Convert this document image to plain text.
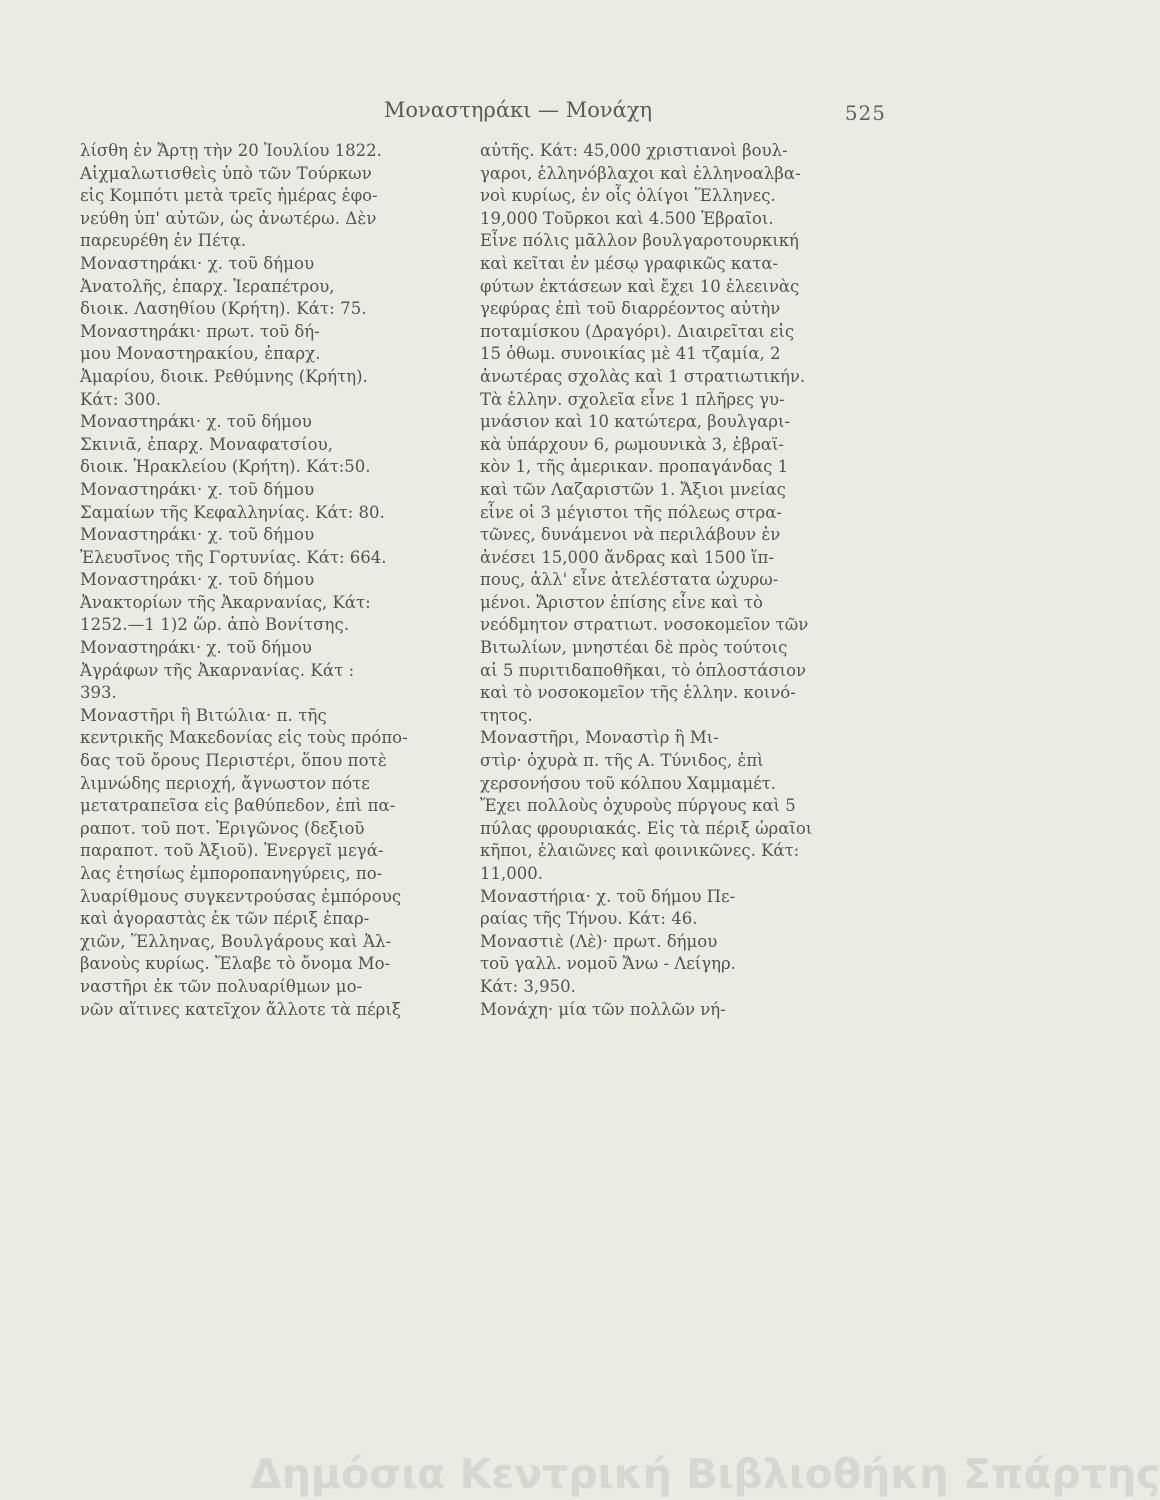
Μοναστηράκι — Μονάχη	525
λίσθη ἐν Ἄρτῃ τὴν 20 Ἰουλίου 1822.
Αἰχμαλωτισθεὶς ὑπὸ τῶν Τούρκων
εἰς Κομπότι μετὰ τρεῖς ἡμέρας ἐφο-
νεύθη ὑπ' αὐτῶν, ὡς ἀνωτέρω. Δὲν
παρευρέθη ἐν Πέτᾳ.
Μοναστηράκι· χ. τοῦ δήμου
Ἀνατολῆς, ἐπαρχ. Ἱεραπέτρου,
διοικ. Λασηθίου (Κρήτη). Κάτ: 75.
Μοναστηράκι· πρωτ. τοῦ δή-
μου Μοναστηρακίου, ἐπαρχ.
Ἀμαρίου, διοικ. Ρεθύμνης (Κρήτη).
Κάτ: 300.
Μοναστηράκι· χ. τοῦ δήμου
Σκινιᾶ, ἐπαρχ. Μοναφατσίου,
διοικ. Ἡρακλείου (Κρήτη). Κάτ:50.
Μοναστηράκι· χ. τοῦ δήμου
Σαμαίων τῆς Κεφαλληνίας. Κάτ: 80.
Μοναστηράκι· χ. τοῦ δήμου
Ἐλευσῖνος τῆς Γορτυνίας. Κάτ: 664.
Μοναστηράκι· χ. τοῦ δήμου
Ἀνακτορίων τῆς Ἀκαρνανίας, Κάτ:
1252.—1 1)2 ὥρ. ἀπὸ Βονίτσης.
Μοναστηράκι· χ. τοῦ δήμου
Ἀγράφων τῆς Ἀκαρνανίας. Κάτ :
393.
Μοναστῆρι ἢ Βιτώλια· π. τῆς
κεντρικῆς Μακεδονίας εἰς τοὺς πρόπο-
δας τοῦ ὄρους Περιστέρι, ὅπου ποτὲ
λιμνώδης περιοχή, ἄγνωστον πότε
μετατραπεῖσα εἰς βαθύπεδον, ἐπὶ πα-
ραποτ. τοῦ ποτ. Ἐριγῶνος (δεξιοῦ
παραποτ. τοῦ Ἀξιοῦ). Ἐνεργεῖ μεγά-
λας ἐτησίως ἐμποροπανηγύρεις, πο-
λυαρίθμους συγκεντρούσας ἐμπόρους
καὶ ἀγοραστὰς ἐκ τῶν πέριξ ἐπαρ-
χιῶν, Ἕλληνας, Βουλγάρους καὶ Ἀλ-
βανοὺς κυρίως. Ἔλαβε τὸ ὄνομα Μο-
ναστῆρι ἐκ τῶν πολυαρίθμων μο-
νῶν αἵτινες κατεῖχον ἄλλοτε τὰ πέριξ
αὐτῆς. Κάτ: 45,000 χριστιανοὶ βουλ-
γαροι, ἑλληνόβλαχοι καὶ ἑλληνοαλβα-
νοὶ κυρίως, ἐν οἷς ὀλίγοι Ἕλληνες.
19,000 Τοῦρκοι καὶ 4.500 Ἑβραῖοι.
Εἶνε πόλις μᾶλλον βουλγαροτουρκική
καὶ κεῖται ἐν μέσῳ γραφικῶς κατα-
φύτων ἐκτάσεων καὶ ἔχει 10 ἐλεεινὰς
γεφύρας ἐπὶ τοῦ διαρρέοντος αὐτὴν
ποταμίσκου (Δραγόρι). Διαιρεῖται εἰς
15 ὀθωμ. συνοικίας μὲ 41 τζαμία, 2
ἀνωτέρας σχολὰς καὶ 1 στρατιωτικήν.
Τὰ ἑλλην. σχολεῖα εἶνε 1 πλῆρες γυ-
μνάσιον καὶ 10 κατώτερα, βουλγαρι-
κὰ ὑπάρχουν 6, ρωμουνικὰ 3, ἑβραϊ-
κὸν 1, τῆς ἀμερικαν. προπαγάνδας 1
καὶ τῶν Λαζαριστῶν 1. Ἄξιοι μνείας
εἶνε οἱ 3 μέγιστοι τῆς πόλεως στρα-
τῶνες, δυνάμενοι νὰ περιλάβουν ἐν
ἀνέσει 15,000 ἄνδρας καὶ 1500 ἵπ-
πους, ἀλλ' εἶνε ἀτελέστατα ὠχυρω-
μένοι. Ἄριστον ἐπίσης εἶνε καὶ τὸ
νεόδμητον στρατιωτ. νοσοκομεῖον τῶν
Βιτωλίων, μνηστέαι δὲ πρὸς τούτοις
αἱ 5 πυριτιδαποθῆκαι, τὸ ὁπλοστάσιον
καὶ τὸ νοσοκομεῖον τῆς ἑλλην. κοινό-
τητος.
Μοναστῆρι, Μοναστὶρ ἢ Μι-
στὶρ· ὀχυρὰ π. τῆς Α. Τύνιδος, ἐπὶ
χερσονήσου τοῦ κόλπου Χαμμαμέτ.
Ἔχει πολλοὺς ὀχυροὺς πύργους καὶ 5
πύλας φρουριακάς. Εἰς τὰ πέριξ ὡραῖοι
κῆποι, ἐλαιῶνες καὶ φοινικῶνες. Κάτ:
11,000.
Μοναστήρια· χ. τοῦ δήμου Πε-
ραίας τῆς Τήνου. Κάτ: 46.
Μοναστιὲ (Λὲ)· πρωτ. δήμου
τοῦ γαλλ. νομοῦ Ἄνω - Λείγηρ.
Κάτ: 3,950.
Μονάχη· μία τῶν πολλῶν νή-
Δημόσια Κεντρική Βιβλιοθήκη Σπάρτης
